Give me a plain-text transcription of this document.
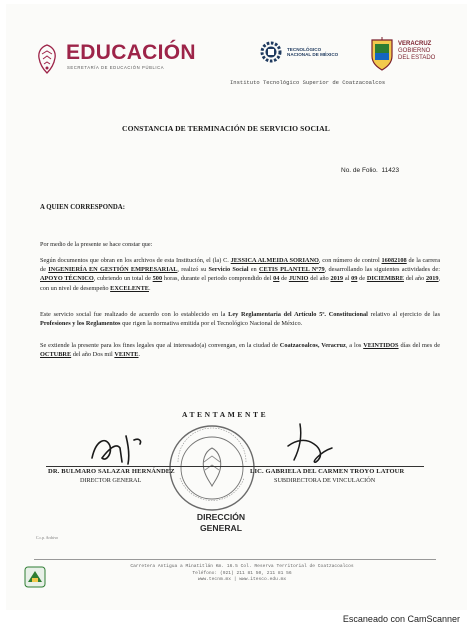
EDUCACIÓN
SECRETARÍA DE EDUCACIÓN PÚBLICA
TECNOLÓGICO
NACIONAL DE MÉXICO
VERACRUZ
GOBIERNO
DEL ESTADO
Instituto Tecnológico Superior de Coatzacoalcos
CONSTANCIA DE TERMINACIÓN DE SERVICIO SOCIAL
No. de Folio. 11423
A QUIEN CORRESPONDA:
Por medio de la presente se hace constar que:
Según documentos que obran en los archivos de esta Institución, el (la) C. JESSICA ALMEIDA SORIANO, con número de control 16082108 de la carrera de INGENIERÍA EN GESTIÓN EMPRESARIAL, realizó su Servicio Social en CETIS PLANTEL Nº79, desarrollando las siguientes actividades de: APOYO TÉCNICO, cubriendo un total de 500 horas, durante el periodo comprendido del 04 de JUNIO del año 2019 al 09 de DICIEMBRE del año 2019, con un nivel de desempeño EXCELENTE.
Este servicio social fue realizado de acuerdo con lo establecido en la Ley Reglamentaria del Artículo 5º. Constitucional relativo al ejercicio de las Profesiones y los Reglamentos que rigen la normativa emitida por el Tecnológico Nacional de México.
Se extiende la presente para los fines legales que al interesado(a) convengan, en la ciudad de Coatzacoalcos, Veracruz, a los VEINTIDOS días del mes de OCTUBRE del año Dos mil VEINTE.
ATENTAMENTE
DR. BULMARO SALAZAR HERNÁNDEZ
DIRECTOR GENERAL
LIC. GABRIELA DEL CARMEN TROYO LATOUR
SUBDIRECTORA DE VINCULACIÓN
DIRECCIÓN GENERAL
C.c.p. Archivo
Carretera Antigua a Minatitlán Km. 16.5 Col. Reserva Territorial de Coatzacoalcos
Teléfono: (921) 211 81 50, 211 81 56
www.tecnm.mx | www.itesco.edu.mx
Escaneado con CamScanner
